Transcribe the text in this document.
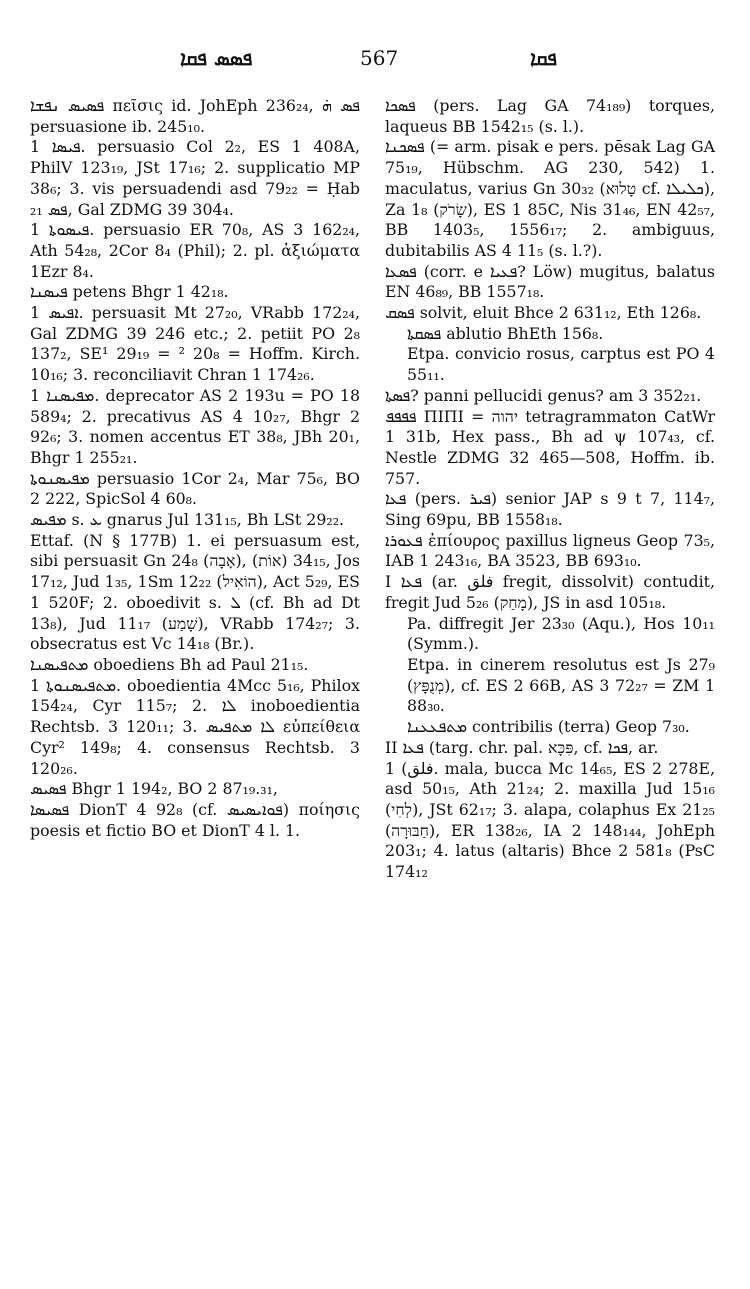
ܦܣܣ ܦܩܐ	567	ܦܩܐ

ܦܣܝܣ ܢܦܫܐ πεῖσις id. JohEph 236₂₄, ܦܣ ܗ̇ persuasione ib. 245₁₀.

ܦܝܣܐ 1. persuasio Col 2₂, ES 1 408A, PhilV 123₁₉, JSt 17₁₆; 2. supplicatio MP 38₆; 3. vis persuadendi asd 79₂₂ = Ḥab ܦܣ ₂₁, Gal ZDMG 39 304₄.

ܦܝܣܘܬܐ 1. persuasio ER 70₈, AS 3 162₂₄, Ath 54₂₈, 2Cor 8₄ (Phil); 2. pl. ἀξιώματα 1Ezr 8₄.

ܦܝܣܢܐ petens Bhgr 1 42₁₈.

ܐܦܝܣ 1. persuasit Mt 27₂₀, VRabb 172₂₄, Gal ZDMG 39 246 etc.; 2. petiit PO 2₈ 137₂, SE¹ 29₁₉ = ² 20₈ = Hoffm. Kirch. 10₁₆; 3. reconciliavit Chran 1 174₂₆.

ܡܦܝܣܢܐ 1. deprecator AS 2 193u = PO 18 589₄; 2. precativus AS 4 10₂₇, Bhgr 2 92₆; 3. nomen accentus ET 38₈, JBh 20₁, Bhgr 1 255₂₁.

ܡܦܝܣܢܘܬܐ persuasio 1Cor 2₄, Mar 75₆, BO 2 222, SpicSol 4 60₈.

ܡܦܝܣ s. ܥ gnarus Jul 131₁₅, Bh LSt 29₂₂.

Ettaf. (N § 177B) 1. ei persuasum est, sibi persuasit Gn 24₈ (אָבָה), 34₁₅ (אוֹת), Jos 17₁₂, Jud 1₃₅, 1Sm 12₂₂ (הוֹאִיל), Act 5₂₉, ES 1 520F; 2. oboedivit s. ܠ (cf. Bh ad Dt 13₈), Jud 11₁₇ (שָׁמַע), VRabb 174₂₇; 3. obsecratus est Vc 14₁₈ (Br.).

ܡܬܦܝܣܢܐ oboediens Bh ad Paul 21₁₅.

ܡܬܦܝܣܢܘܬܐ 1. oboedientia 4Mcc 5₁₆, Philox 154₂₄, Cyr 115₇; 2. ܠܐ inoboedientia Rechtsb. 3 120₁₁; 3. ܠܐ ܡܬܦܝܣ εὐπείθεια Cyr² 149₈; 4. consensus Rechtsb. 3 120₂₆.

ܦܣܝܣ Bhgr 1 194₂, BO 2 87₁₉.₃₁,

ܦܣܝܣܐ DionT 4 92₈ (cf. ܦܘܐܝܣܝܣ) ποίησις poesis et fictio BO et DionT 4 l. 1.

ܦܣܟܐ (pers. Lag GA 74₁₈₉) torques, laqueus BB 1542₁₅ (s. l.).

ܦܣܟܢܐ (= arm. pisak e pers. pēsak Lag GA 75₁₉, Hübschm. AG 230, 542) 1. maculatus, varius Gn 30₃₂ (טָלוּא cf. ܟܠܝܠܐ), Za 1₈ (שָׂרֹק), ES 1 85C, Nis 31₄₆, EN 42₅₇, BB 1403₅, 1556₁₇; 2. ambiguus, dubitabilis AS 4 11₅ (s. l.?).

ܦܣܥܐ (corr. e ܦܥܝܐ? Löw) mugitus, balatus EN 46₈₉, BB 1557₁₈.

ܦܣܩ solvit, eluit Bhce 2 631₁₂, Eth 126₈.

ܦܣܩܬܐ ablutio BhEth 156₈.

Etpa. convicio rosus, carptus est PO 4 55₁₁.

ܦܣܬܐ? panni pellucidi genus? am 3 352₂₁.

ܦܦܦܦ ΠΙΠΙ = יהוה tetragrammaton CatWr 1 31b, Hex pass., Bh ad ψ 107₄₃, cf. Nestle ZDMG 32 465—508, Hoffm. ib. 757.

ܦܥܐ (pers. ܦܝܪ) senior JAP s 9 t 7, 114₇, Sing 69pu, BB 1558₁₈.

ܦܥܘܪܐ ἐπίουρος paxillus ligneus Geop 73₅, IAB 1 243₁₆, BA 3523, BB 693₁₀.

I ܦܥܐ (ar. ﻓﻠﻖ fregit, dissolvit) contudit, fregit Jud 5₂₆ (מָחַק), JS in asd 105₁₈.

Pa. diffregit Jer 23₃₀ (Aqu.), Hos 10₁₁ (Symm.).

Etpa. in cinerem resolutus est Js 27₉ (מְנֻפָּץ), cf. ES 2 66B, AS 3 72₂₇ = ZM 1 88₃₀.

ܡܬܦܥܥܢܐ contribilis (terra) Geop 7₃₀.

II ܦܥܐ (targ. chr. pal. פִּכָּא, cf. ܦܟܐ, ar.

ﻓﻠﻖ) 1. mala, bucca Mc 14₆₅, ES 2 278E, asd 50₁₅, Ath 21₂₄; 2. maxilla Jud 15₁₆ (לְחִי), JSt 62₁₇; 3. alapa, colaphus Ex 21₂₅ (חַבּוּרָה), ER 138₂₆, IA 2 148₁₄₄, JohEph 203₁; 4. latus (altaris) Bhce 2 581₈ (PsC 174₁₂
